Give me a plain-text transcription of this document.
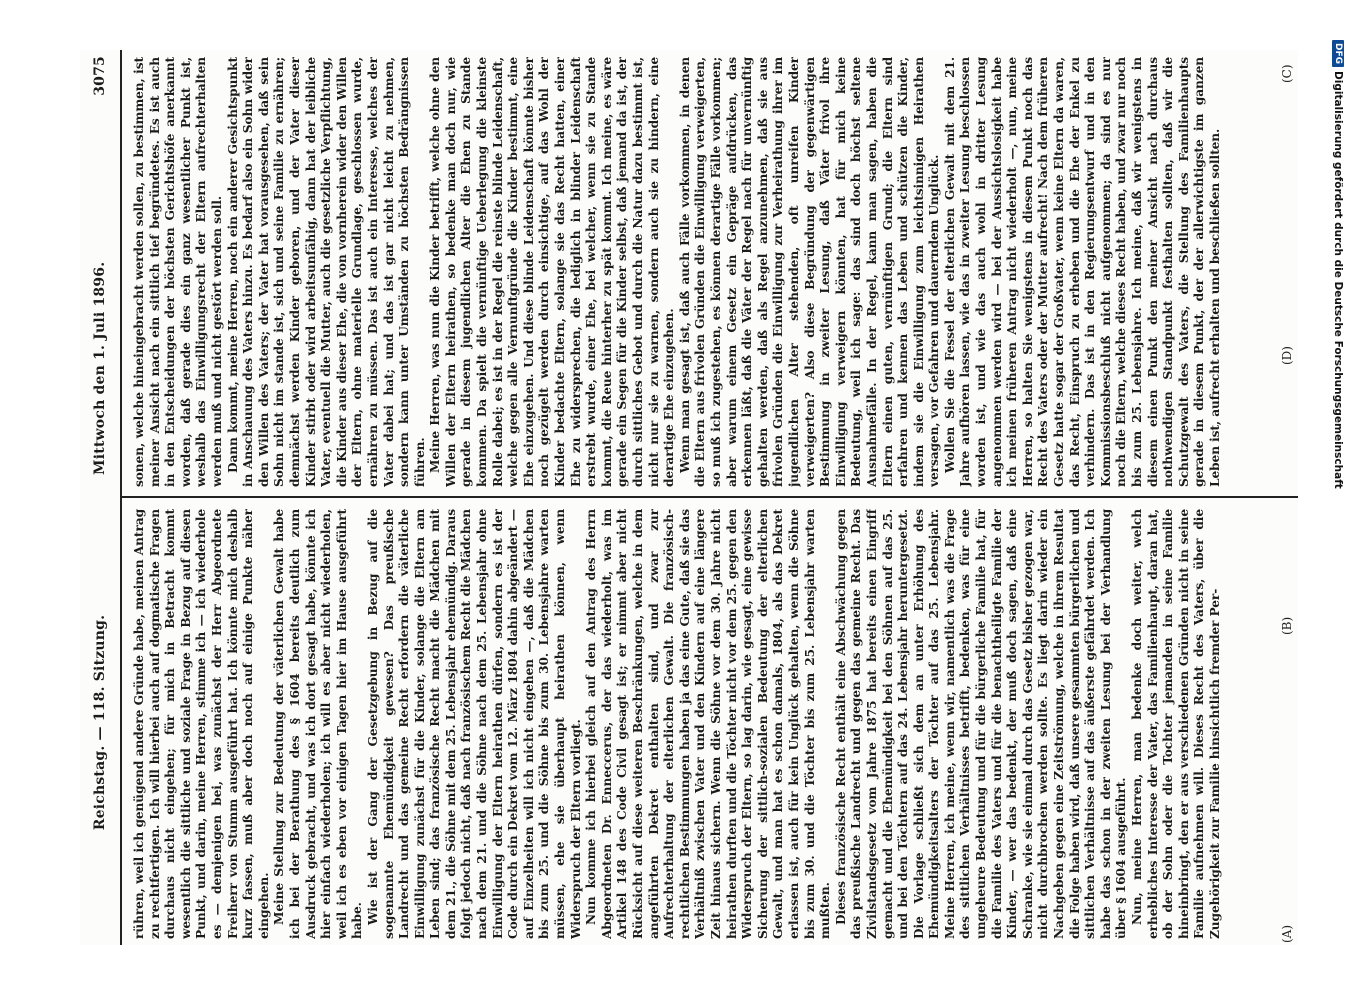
Reichstag. — 118. Sitzung.
Mittwoch den 1. Juli 1896.
3075

rühren, weil ich genügend andere Gründe habe, meinen Antrag zu rechtfertigen. Ich will hierbei auch auf dogmatische Fragen durchaus nicht eingehen; für mich in Betracht kommt wesentlich die sittliche und soziale Frage in Bezug auf diesen Punkt, und darin, meine Herren, stimme ich — ich wiederhole es — demjenigen bei, was zunächst der Herr Abgeordnete Freiherr von Stumm ausgeführt hat. Ich könnte mich deshalb kurz fassen, muß aber doch noch auf einige Punkte näher eingehen. Meine Stellung zur Bedeutung der väterlichen Gewalt habe ich bei der Berathung des § 1604 bereits deutlich zum Ausdruck gebracht, und was ich dort gesagt habe, könnte ich hier einfach wiederholen; ich will es aber nicht wiederholen, weil ich es eben vor einigen Tagen hier im Hause ausgeführt habe. Wie ist der Gang der Gesetzgebung in Bezug auf die sogenannte Ehemündigkeit gewesen? Das preußische Landrecht und das gemeine Recht erfordern die väterliche Einwilligung zunächst für die Kinder, solange die Eltern am Leben sind; das französische Recht macht die Mädchen mit dem 21., die Söhne mit dem 25. Lebensjahr ehemündig. Daraus folgt jedoch nicht, daß nach französischem Recht die Mädchen nach dem 21. und die Söhne nach dem 25. Lebensjahr ohne Einwilligung der Eltern heirathen dürfen, sondern es ist der Code durch ein Dekret vom 12. März 1804 dahin abgeändert — auf Einzelheiten will ich nicht eingehen —, daß die Mädchen bis zum 25. und die Söhne bis zum 30. Lebensjahre warten müssen, ehe sie überhaupt heirathen können, wenn Widerspruch der Eltern vorliegt. Nun komme ich hierbei gleich auf den Antrag des Herrn Abgeordneten Dr. Enneccerus, der das wiederholt, was im Artikel 148 des Code Civil gesagt ist; er nimmt aber nicht Rücksicht auf diese weiteren Beschränkungen, welche in dem angeführten Dekret enthalten sind, und zwar zur Aufrechterhaltung der elterlichen Gewalt. Die französisch-rechtlichen Bestimmungen haben ja das eine Gute, daß sie das Verhältniß zwischen Vater und den Kindern auf eine längere Zeit hinaus sichern. Wenn die Söhne vor dem 30. Jahre nicht heirathen durften und die Töchter nicht vor dem 25. gegen den Widerspruch der Eltern, so lag darin, wie gesagt, eine gewisse Sicherung der sittlich-sozialen Bedeutung der elterlichen Gewalt, und man hat es schon damals, 1804, als das Dekret erlassen ist, auch für kein Unglück gehalten, wenn die Söhne bis zum 30. und die Töchter bis zum 25. Lebensjahr warten mußten. Dieses französische Recht enthält eine Abschwächung gegen das preußische Landrecht und gegen das gemeine Recht. Das Zivilstandsgesetz vom Jahre 1875 hat bereits einen Eingriff gemacht und die Ehemündigkeit bei den Söhnen auf das 25. und bei den Töchtern auf das 24. Lebensjahr heruntergesetzt. Die Vorlage schließt sich dem an unter Erhöhung des Ehemündigkeitsalters der Töchter auf das 25. Lebensjahr. Meine Herren, ich meine, wenn wir, namentlich was die Frage des sittlichen Verhältnisses betrifft, bedenken, was für eine ungeheure Bedeutung und für die bürgerliche Familie hat, für die Familie des Vaters und für die benachtheiligte Familie der Kinder, — wer das bedenkt, der muß doch sagen, daß eine Schranke, wie sie einmal durch das Gesetz bisher gezogen war, nicht durchbrochen werden sollte. Es liegt darin wieder ein Nachgeben gegen eine Zeitströmung, welche in ihrem Resultat die Folge haben wird, daß unsere gesammten bürgerlichen und sittlichen Verhältnisse auf das äußerste gefährdet werden. Ich habe das schon in der zweiten Lesung bei der Verhandlung über § 1604 ausgeführt. Nun, meine Herren, man bedenke doch weiter, welch erhebliches Interesse der Vater, das Familienhaupt, daran hat, ob der Sohn oder die Tochter jemanden in seine Familie hineinbringt, den er aus verschiedenen Gründen nicht in seine Familie aufnehmen will. Dieses Recht des Vaters, über die Zugehörigkeit zur Familie hinsichtlich fremder Per-

sonen, welche hineingebracht werden sollen, zu bestimmen, ist meiner Ansicht nach ein sittlich tief begründetes. Es ist auch in den Entscheidungen der höchsten Gerichtshöfe anerkannt worden, daß gerade dies ein ganz wesentlicher Punkt ist, weshalb das Einwilligungsrecht der Eltern aufrechterhalten werden muß und nicht gestört werden soll. Dann kommt, meine Herren, noch ein anderer Gesichtspunkt in Anschauung des Vaters hinzu. Es bedarf also ein Sohn wider den Willen des Vaters; der Vater hat vorausgesehen, daß sein Sohn nicht im stande ist, sich und seine Familie zu ernähren; demnächst werden Kinder geboren, und der Vater dieser Kinder stirbt oder wird arbeitsunfähig, dann hat der leibliche Vater, eventuell die Mutter, auch die gesetzliche Verpflichtung, die Kinder aus dieser Ehe, die von vornherein wider den Willen der Eltern, ohne materielle Grundlage, geschlossen wurde, ernähren zu müssen. Das ist auch ein Interesse, welches der Vater dabei hat; und das ist gar nicht leicht zu nehmen, sondern kann unter Umständen zu höchsten Bedrängnissen führen. Meine Herren, was nun die Kinder betrifft, welche ohne den Willen der Eltern heirathen, so bedenke man doch nur, wie gerade in diesem jugendlichen Alter die Ehen zu Stande kommen. Da spielt die vernünftige Ueberlegung die kleinste Rolle dabei; es ist in der Regel die reinste blinde Leidenschaft, welche gegen alle Vernunftgründe die Kinder bestimmt, eine Ehe einzugehen. Und diese blinde Leidenschaft könnte bisher noch gezügelt werden durch einsichtige, auf das Wohl der Kinder bedachte Eltern, solange sie das Recht hatten, einer Ehe zu widersprechen, die lediglich in blinder Leidenschaft erstrebt wurde, einer Ehe, bei welcher, wenn sie zu Stande kommt, die Reue hinterher zu spät kommt. Ich meine, es wäre gerade ein Segen für die Kinder selbst, daß jemand da ist, der durch sittliches Gebot und durch die Natur dazu bestimmt ist, nicht nur sie zu warnen, sondern auch sie zu hindern, eine derartige Ehe einzugehen. Wenn man gesagt ist, daß auch Fälle vorkommen, in denen die Eltern aus frivolen Gründen die Einwilligung verweigerten, so muß ich zugestehen, es können derartige Fälle vorkommen; aber warum einem Gesetz ein Gepräge aufdrücken, das erkennen läßt, daß die Väter der Regel nach für unvernünftig gehalten werden, daß als Regel anzunehmen, daß sie aus frivolen Gründen die Einwilligung zur Verheirathung ihrer im jugendlichen Alter stehenden, oft unreifen Kinder verweigerten? Also diese Begründung der gegenwärtigen Bestimmung in zweiter Lesung, daß Väter frivol ihre Einwilligung verweigern könnten, hat für mich keine Bedeutung, weil ich sage: das sind doch höchst seltene Ausnahmefälle. In der Regel, kann man sagen, haben die Eltern einen guten, vernünftigen Grund; die Eltern sind erfahren und kennen das Leben und schützen die Kinder, indem sie die Einwilligung zum leichtsinnigen Heirathen versagen, vor Gefahren und dauerndem Unglück. Wollen Sie die Fessel der elterlichen Gewalt mit dem 21. Jahre aufhören lassen, wie das in zweiter Lesung beschlossen worden ist, und wie das auch wohl in dritter Lesung angenommen werden wird — bei der Aussichtslosigkeit habe ich meinen früheren Antrag nicht wiederholt —, nun, meine Herren, so halten Sie wenigstens in diesem Punkt noch das Recht des Vaters oder der Mutter aufrecht! Nach dem früheren Gesetz hatte sogar der Großvater, wenn keine Eltern da waren, das Recht, Einspruch zu erheben und die Ehe der Enkel zu verhindern. Das ist in den Regierungsentwurf und in den Kommissionsbeschluß nicht aufgenommen; da sind es nur noch die Eltern, welche dieses Recht haben, und zwar nur noch bis zum 25. Lebensjahre. Ich meine, daß wir wenigstens in diesem einen Punkt den meiner Ansicht nach durchaus nothwendigen Standpunkt festhalten sollten, daß wir die Schutzgewalt des Vaters, die Stellung des Familienhaupts gerade in diesem Punkt, der der allerwichtigste im ganzen Leben ist, aufrecht erhalten und beschließen sollten.

(A)
(B)
(C)
(D)
DFG
Digitalisierung gefördert durch die Deutsche Forschungsgemeinschaft
